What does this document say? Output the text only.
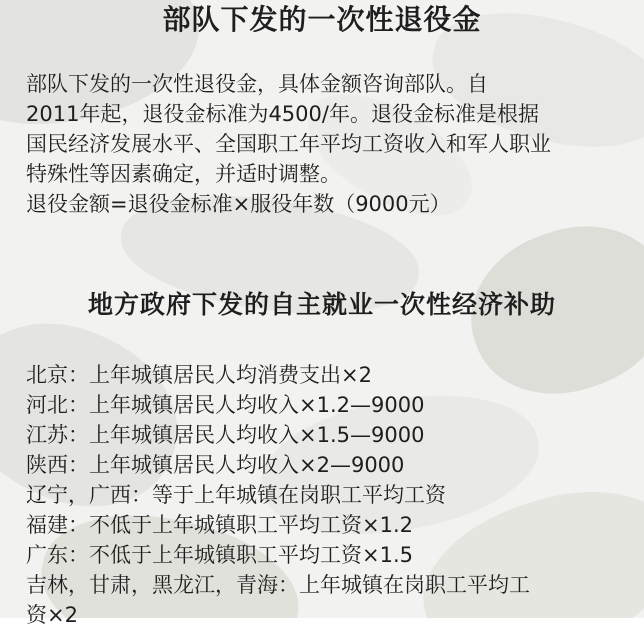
部队下发的一次性退役金
部队下发的一次性退役金，具体金额咨询部队。自
2011年起，退役金标准为4500/年。退役金标准是根据
国民经济发展水平、全国职工年平均工资收入和军人职业
特殊性等因素确定，并适时调整。
退役金额=退役金标准×服役年数（9000元）
地方政府下发的自主就业一次性经济补助
北京：上年城镇居民人均消费支出×2
河北：上年城镇居民人均收入×1.2—9000
江苏：上年城镇居民人均收入×1.5—9000
陕西：上年城镇居民人均收入×2—9000
辽宁，广西：等于上年城镇在岗职工平均工资
福建：不低于上年城镇职工平均工资×1.2
广东：不低于上年城镇职工平均工资×1.5
吉林，甘肃，黑龙江，青海：上年城镇在岗职工平均工
资×2
